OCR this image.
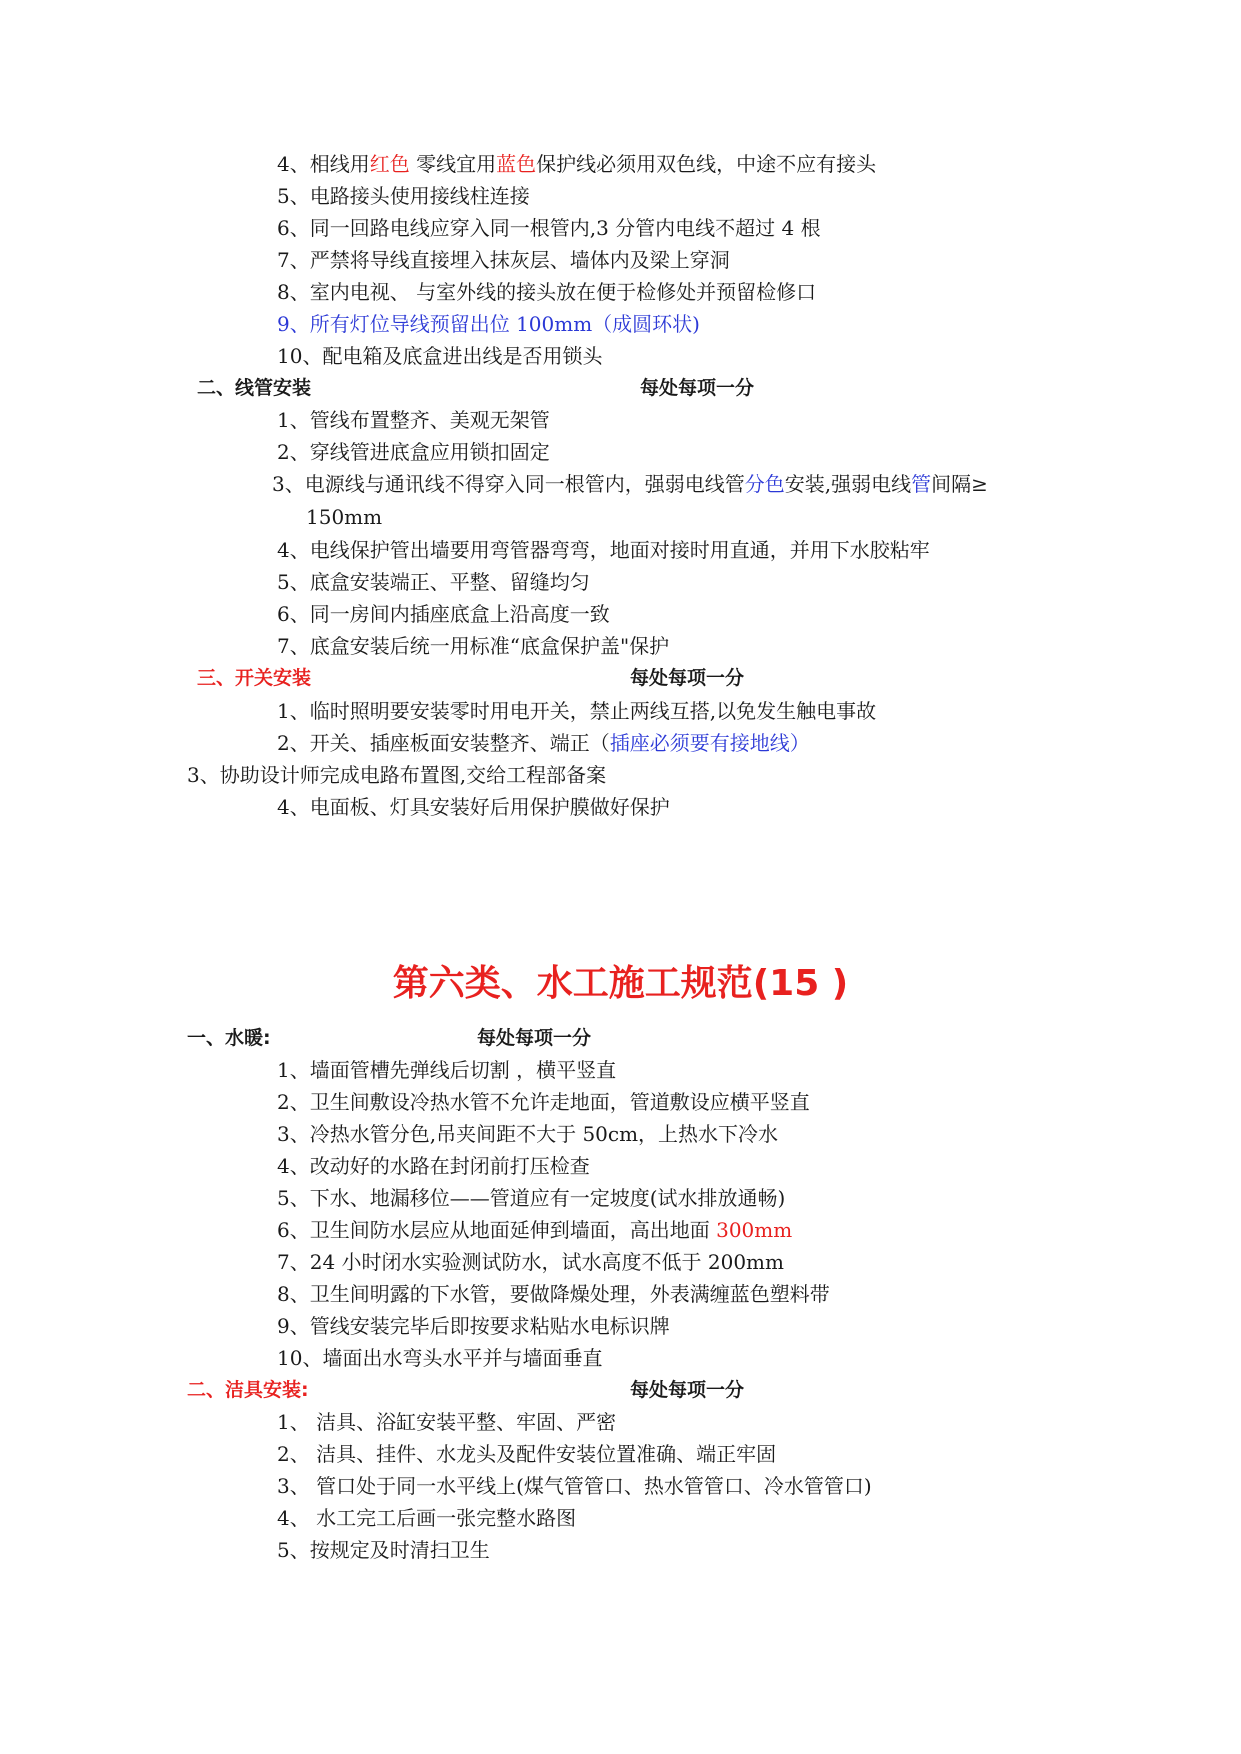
4、相线用红色 零线宜用蓝色保护线必须用双色线，中途不应有接头
5、电路接头使用接线柱连接
6、同一回路电线应穿入同一根管内,3 分管内电线不超过 4 根
7、严禁将导线直接埋入抹灰层、墙体内及梁上穿洞
8、室内电视、 与室外线的接头放在便于检修处并预留检修口
9、所有灯位导线预留出位 100mm（成圆环状)
10、配电箱及底盒进出线是否用锁头
二、线管安装	每处每项一分
1、管线布置整齐、美观无架管
2、穿线管进底盒应用锁扣固定
3、电源线与通讯线不得穿入同一根管内，强弱电线管分色安装,强弱电线管间隔≥
150mm
4、电线保护管出墙要用弯管器弯弯，地面对接时用直通，并用下水胶粘牢
5、底盒安装端正、平整、留缝均匀
6、同一房间内插座底盒上沿高度一致
7、底盒安装后统一用标准“底盒保护盖"保护
三、开关安装	每处每项一分
1、临时照明要安装零时用电开关，禁止两线互搭,以免发生触电事故
2、开关、插座板面安装整齐、端正（插座必须要有接地线）
3、协助设计师完成电路布置图,交给工程部备案
4、电面板、灯具安装好后用保护膜做好保护
第六类、水工施工规范(15 )
一、水暖:	每处每项一分
1、墙面管槽先弹线后切割 ，横平竖直
2、卫生间敷设冷热水管不允许走地面，管道敷设应横平竖直
3、冷热水管分色,吊夹间距不大于 50cm，上热水下冷水
4、改动好的水路在封闭前打压检查
5、下水、地漏移位——管道应有一定坡度(试水排放通畅)
6、卫生间防水层应从地面延伸到墙面，高出地面 300mm
7、24 小时闭水实验测试防水，试水高度不低于 200mm
8、卫生间明露的下水管，要做降燥处理，外表满缠蓝色塑料带
9、管线安装完毕后即按要求粘贴水电标识牌
10、墙面出水弯头水平并与墙面垂直
二、洁具安装:	每处每项一分
1、 洁具、浴缸安装平整、牢固、严密
2、 洁具、挂件、水龙头及配件安装位置准确、端正牢固
3、 管口处于同一水平线上(煤气管管口、热水管管口、冷水管管口)
4、 水工完工后画一张完整水路图
5、按规定及时清扫卫生
